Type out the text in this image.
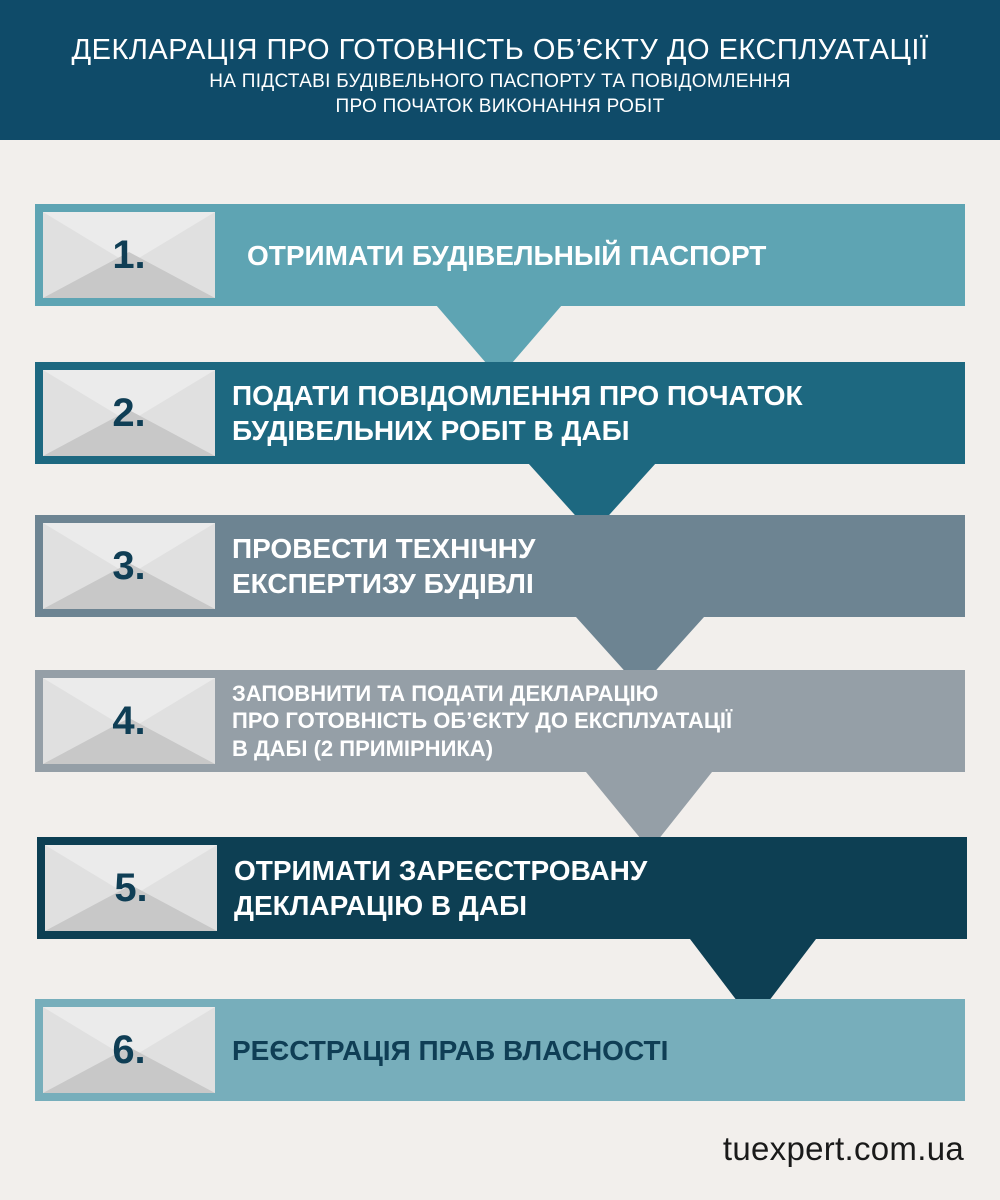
ДЕКЛАРАЦІЯ ПРО ГОТОВНІСТЬ ОБ’ЄКТУ ДО ЕКСПЛУАТАЦІЇ
НА ПІДСТАВІ БУДІВЕЛЬНОГО ПАСПОРТУ ТА ПОВІДОМЛЕННЯ
ПРО ПОЧАТОК ВИКОНАННЯ РОБІТ
1.	ОТРИМАТИ БУДІВЕЛЬНЫЙ ПАСПОРТ
2.	ПОДАТИ ПОВІДОМЛЕННЯ ПРО ПОЧАТОК
БУДІВЕЛЬНИХ РОБІТ В ДАБІ
3.	ПРОВЕСТИ ТЕХНІЧНУ
ЕКСПЕРТИЗУ БУДІВЛІ
4.
ЗАПОВНИТИ ТА ПОДАТИ ДЕКЛАРАЦІЮ
ПРО ГОТОВНІСТЬ ОБ’ЄКТУ ДО ЕКСПЛУАТАЦІЇ
В ДАБІ (2 ПРИМІРНИКА)
5.	ОТРИМАТИ ЗАРЕЄСТРОВАНУ
ДЕКЛАРАЦІЮ В ДАБІ
6.	РЕЄСТРАЦІЯ ПРАВ ВЛАСНОСТІ
tuexpert.com.ua
